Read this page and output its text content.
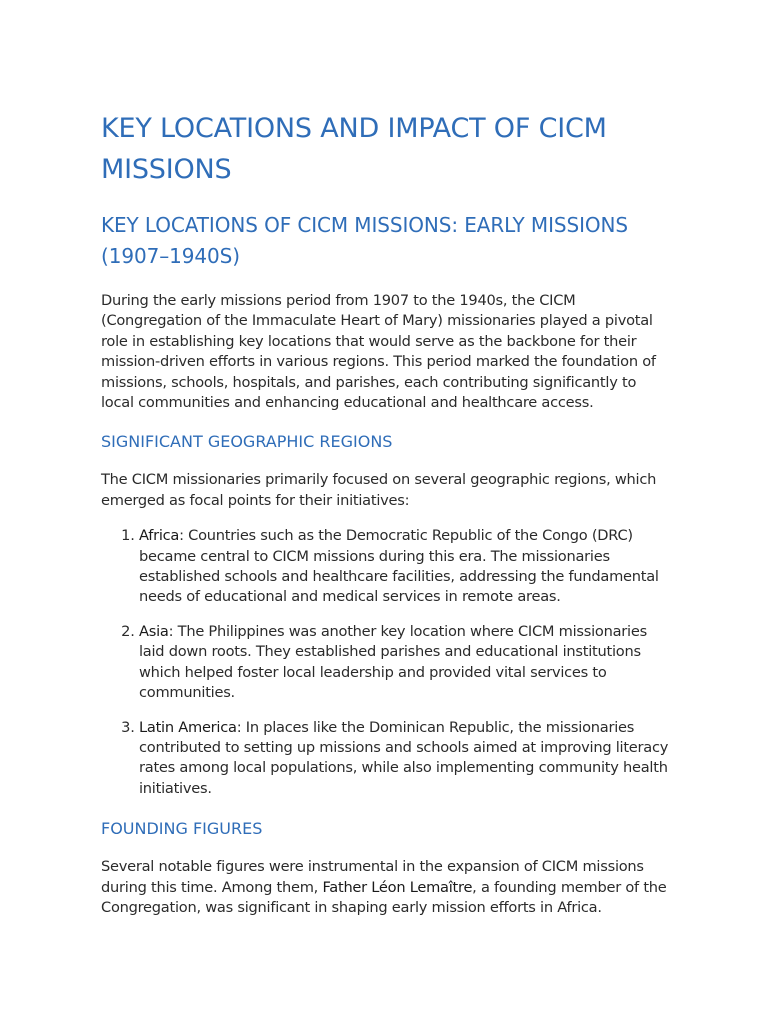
KEY LOCATIONS AND IMPACT OF CICM MISSIONS
KEY LOCATIONS OF CICM MISSIONS: EARLY MISSIONS (1907–1940S)

During the early missions period from 1907 to the 1940s, the CICM (Congregation of the Immaculate Heart of Mary) missionaries played a pivotal role in establishing key locations that would serve as the backbone for their mission-driven efforts in various regions. This period marked the foundation of missions, schools, hospitals, and parishes, each contributing significantly to local communities and enhancing educational and healthcare access.

SIGNIFICANT GEOGRAPHIC REGIONS

The CICM missionaries primarily focused on several geographic regions, which emerged as focal points for their initiatives:

1. Africa: Countries such as the Democratic Republic of the Congo (DRC) became central to CICM missions during this era. The missionaries established schools and healthcare facilities, addressing the fundamental needs of educational and medical services in remote areas.
2. Asia: The Philippines was another key location where CICM missionaries laid down roots. They established parishes and educational institutions which helped foster local leadership and provided vital services to communities.
3. Latin America: In places like the Dominican Republic, the missionaries contributed to setting up missions and schools aimed at improving literacy rates among local populations, while also implementing community health initiatives.
FOUNDING FIGURES

Several notable figures were instrumental in the expansion of CICM missions during this time. Among them, Father Léon Lemaître, a founding member of the Congregation, was significant in shaping early mission efforts in Africa.
